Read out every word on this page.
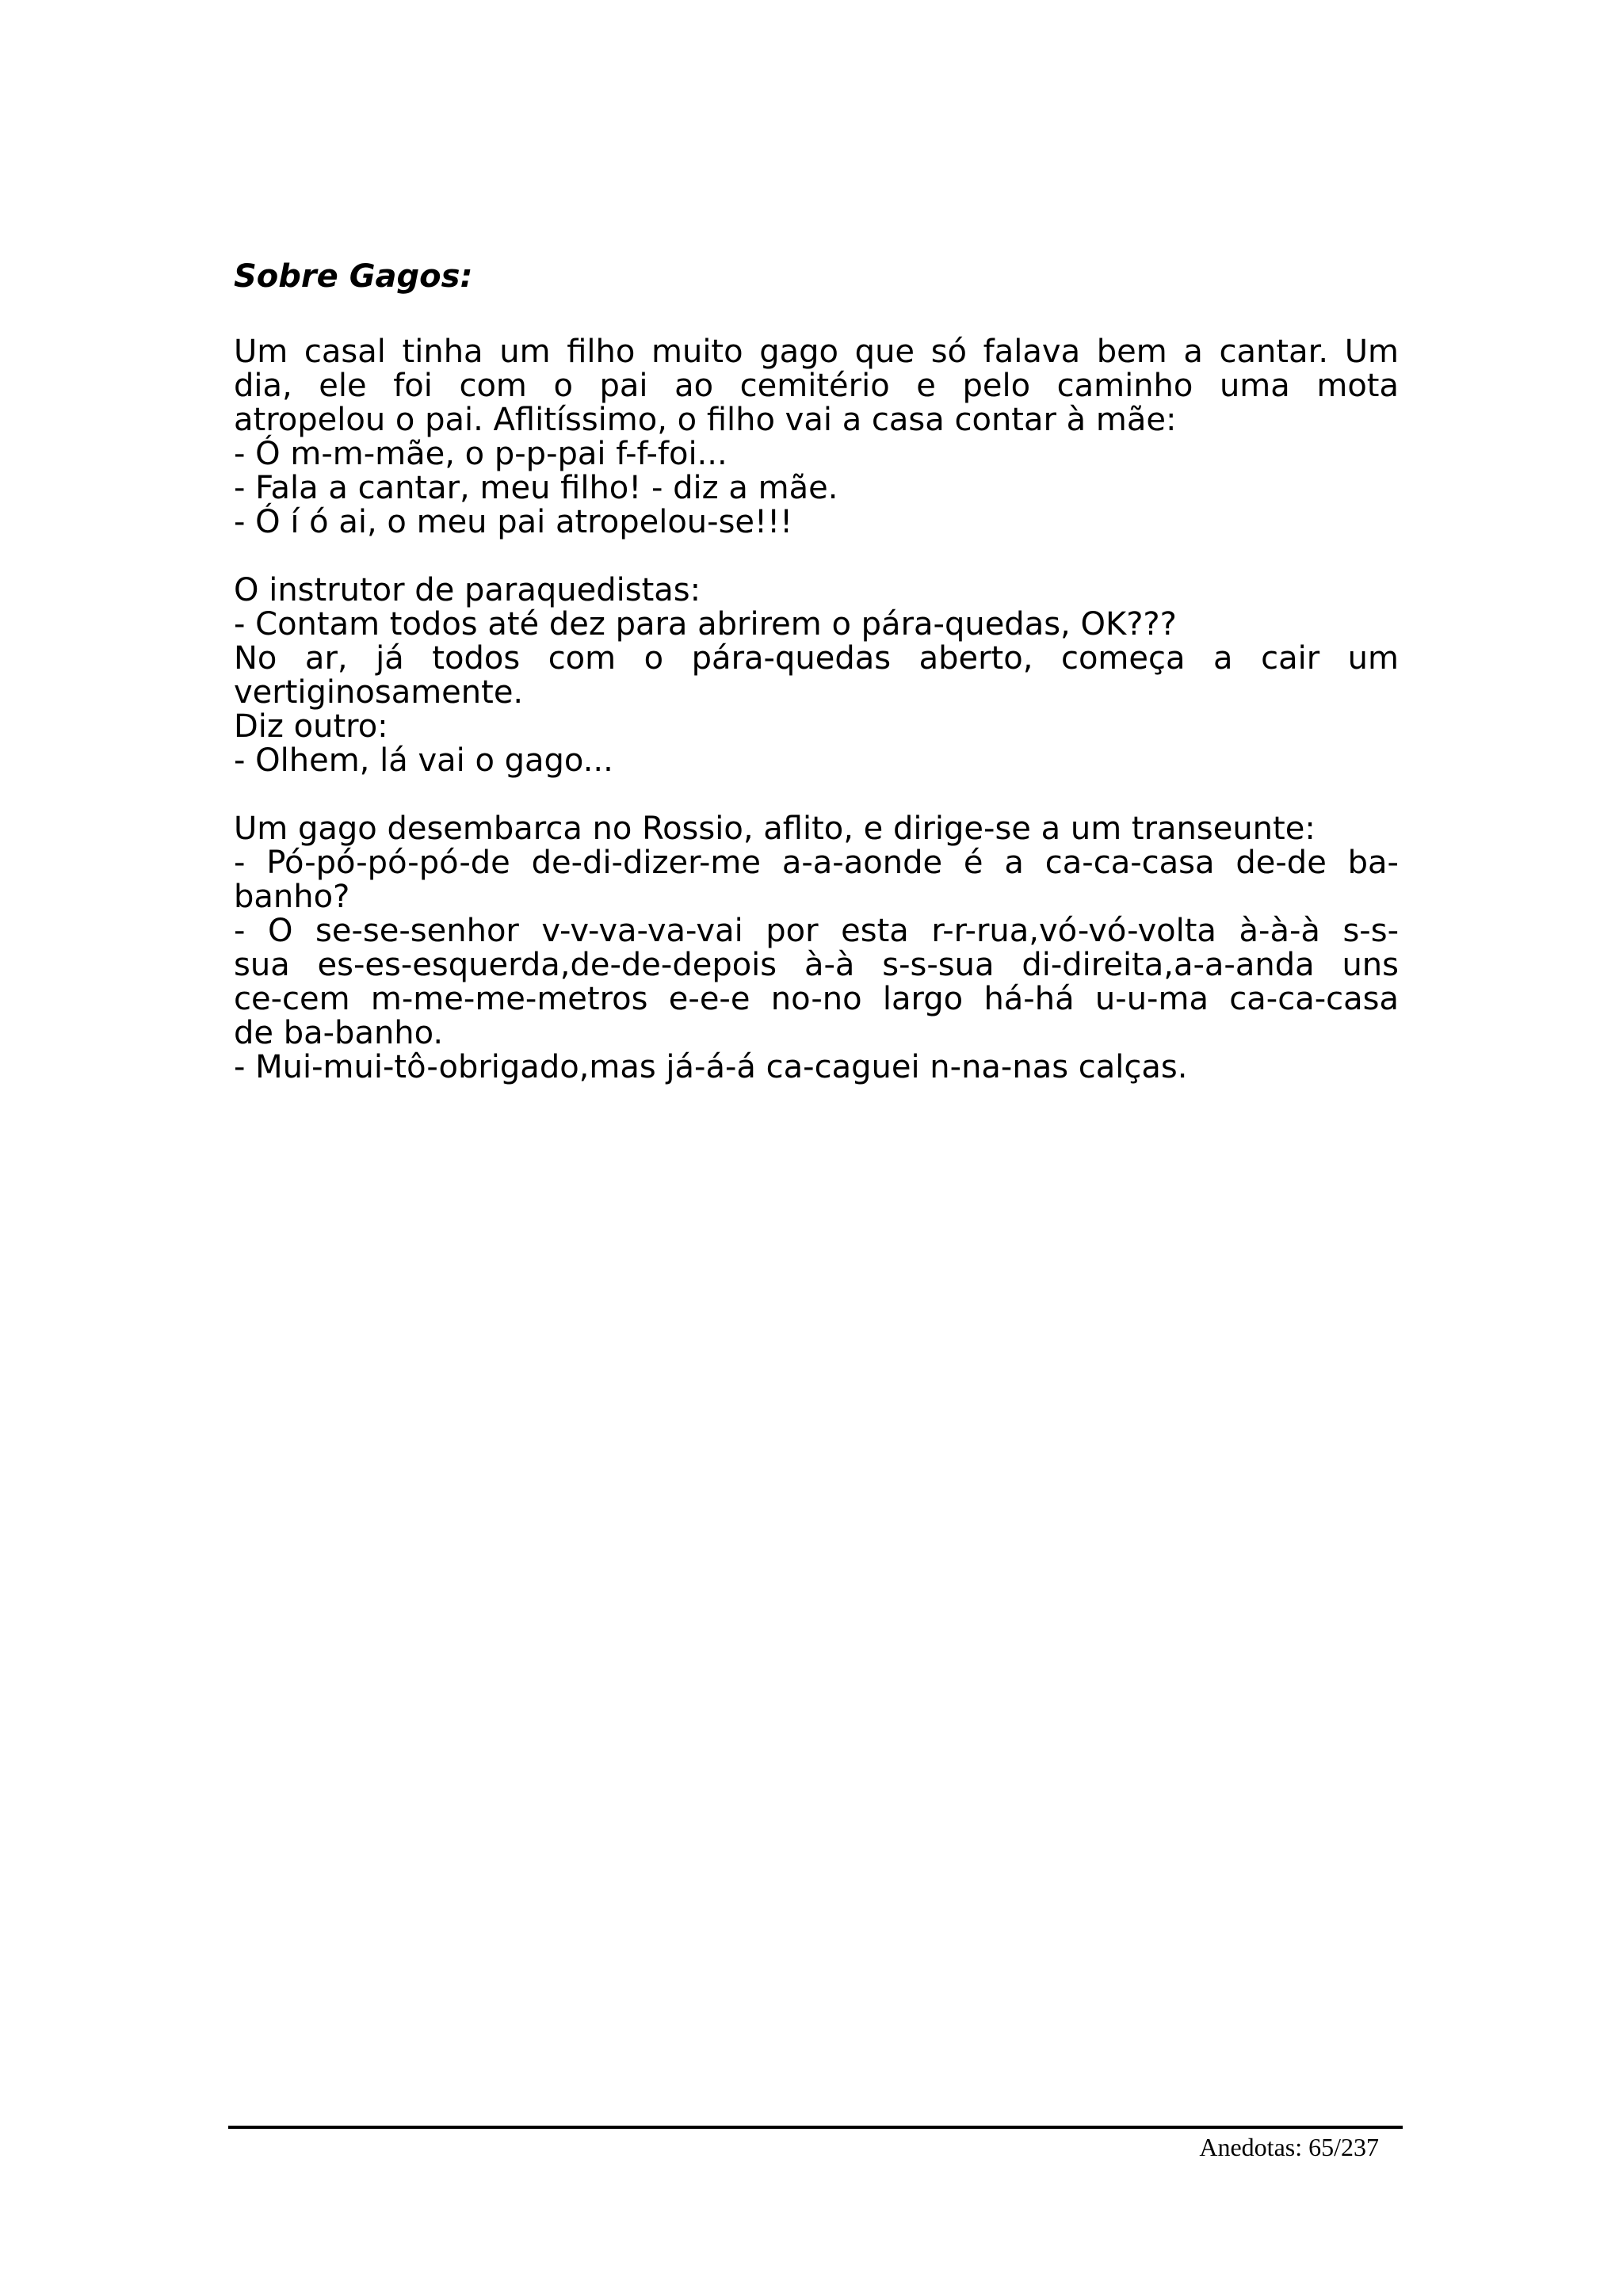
Sobre Gagos:
Um casal tinha um filho muito gago que só falava bem a cantar. Um
dia, ele foi com o pai ao cemitério e pelo caminho uma mota
atropelou o pai. Aflitíssimo, o filho vai a casa contar à mãe:
- Ó m-m-mãe, o p-p-pai f-f-foi...
- Fala a cantar, meu filho! - diz a mãe.
- Ó í ó ai, o meu pai atropelou-se!!!
O instrutor de paraquedistas:
- Contam todos até dez para abrirem o pára-quedas, OK???
No ar, já todos com o pára-quedas aberto, começa a cair um
vertiginosamente.
Diz outro:
- Olhem, lá vai o gago...
Um gago desembarca no Rossio, aflito, e dirige-se a um transeunte:
- Pó-pó-pó-pó-de de-di-dizer-me a-a-aonde é a ca-ca-casa de-de ba-
banho?
- O se-se-senhor v-v-va-va-vai por esta r-r-rua,vó-vó-volta à-à-à s-s-
sua es-es-esquerda,de-de-depois à-à s-s-sua di-direita,a-a-anda uns
ce-cem m-me-me-metros e-e-e no-no largo há-há u-u-ma ca-ca-casa
de ba-banho.
- Mui-mui-tô-obrigado,mas já-á-á ca-caguei n-na-nas calças.
Anedotas: 65/237
